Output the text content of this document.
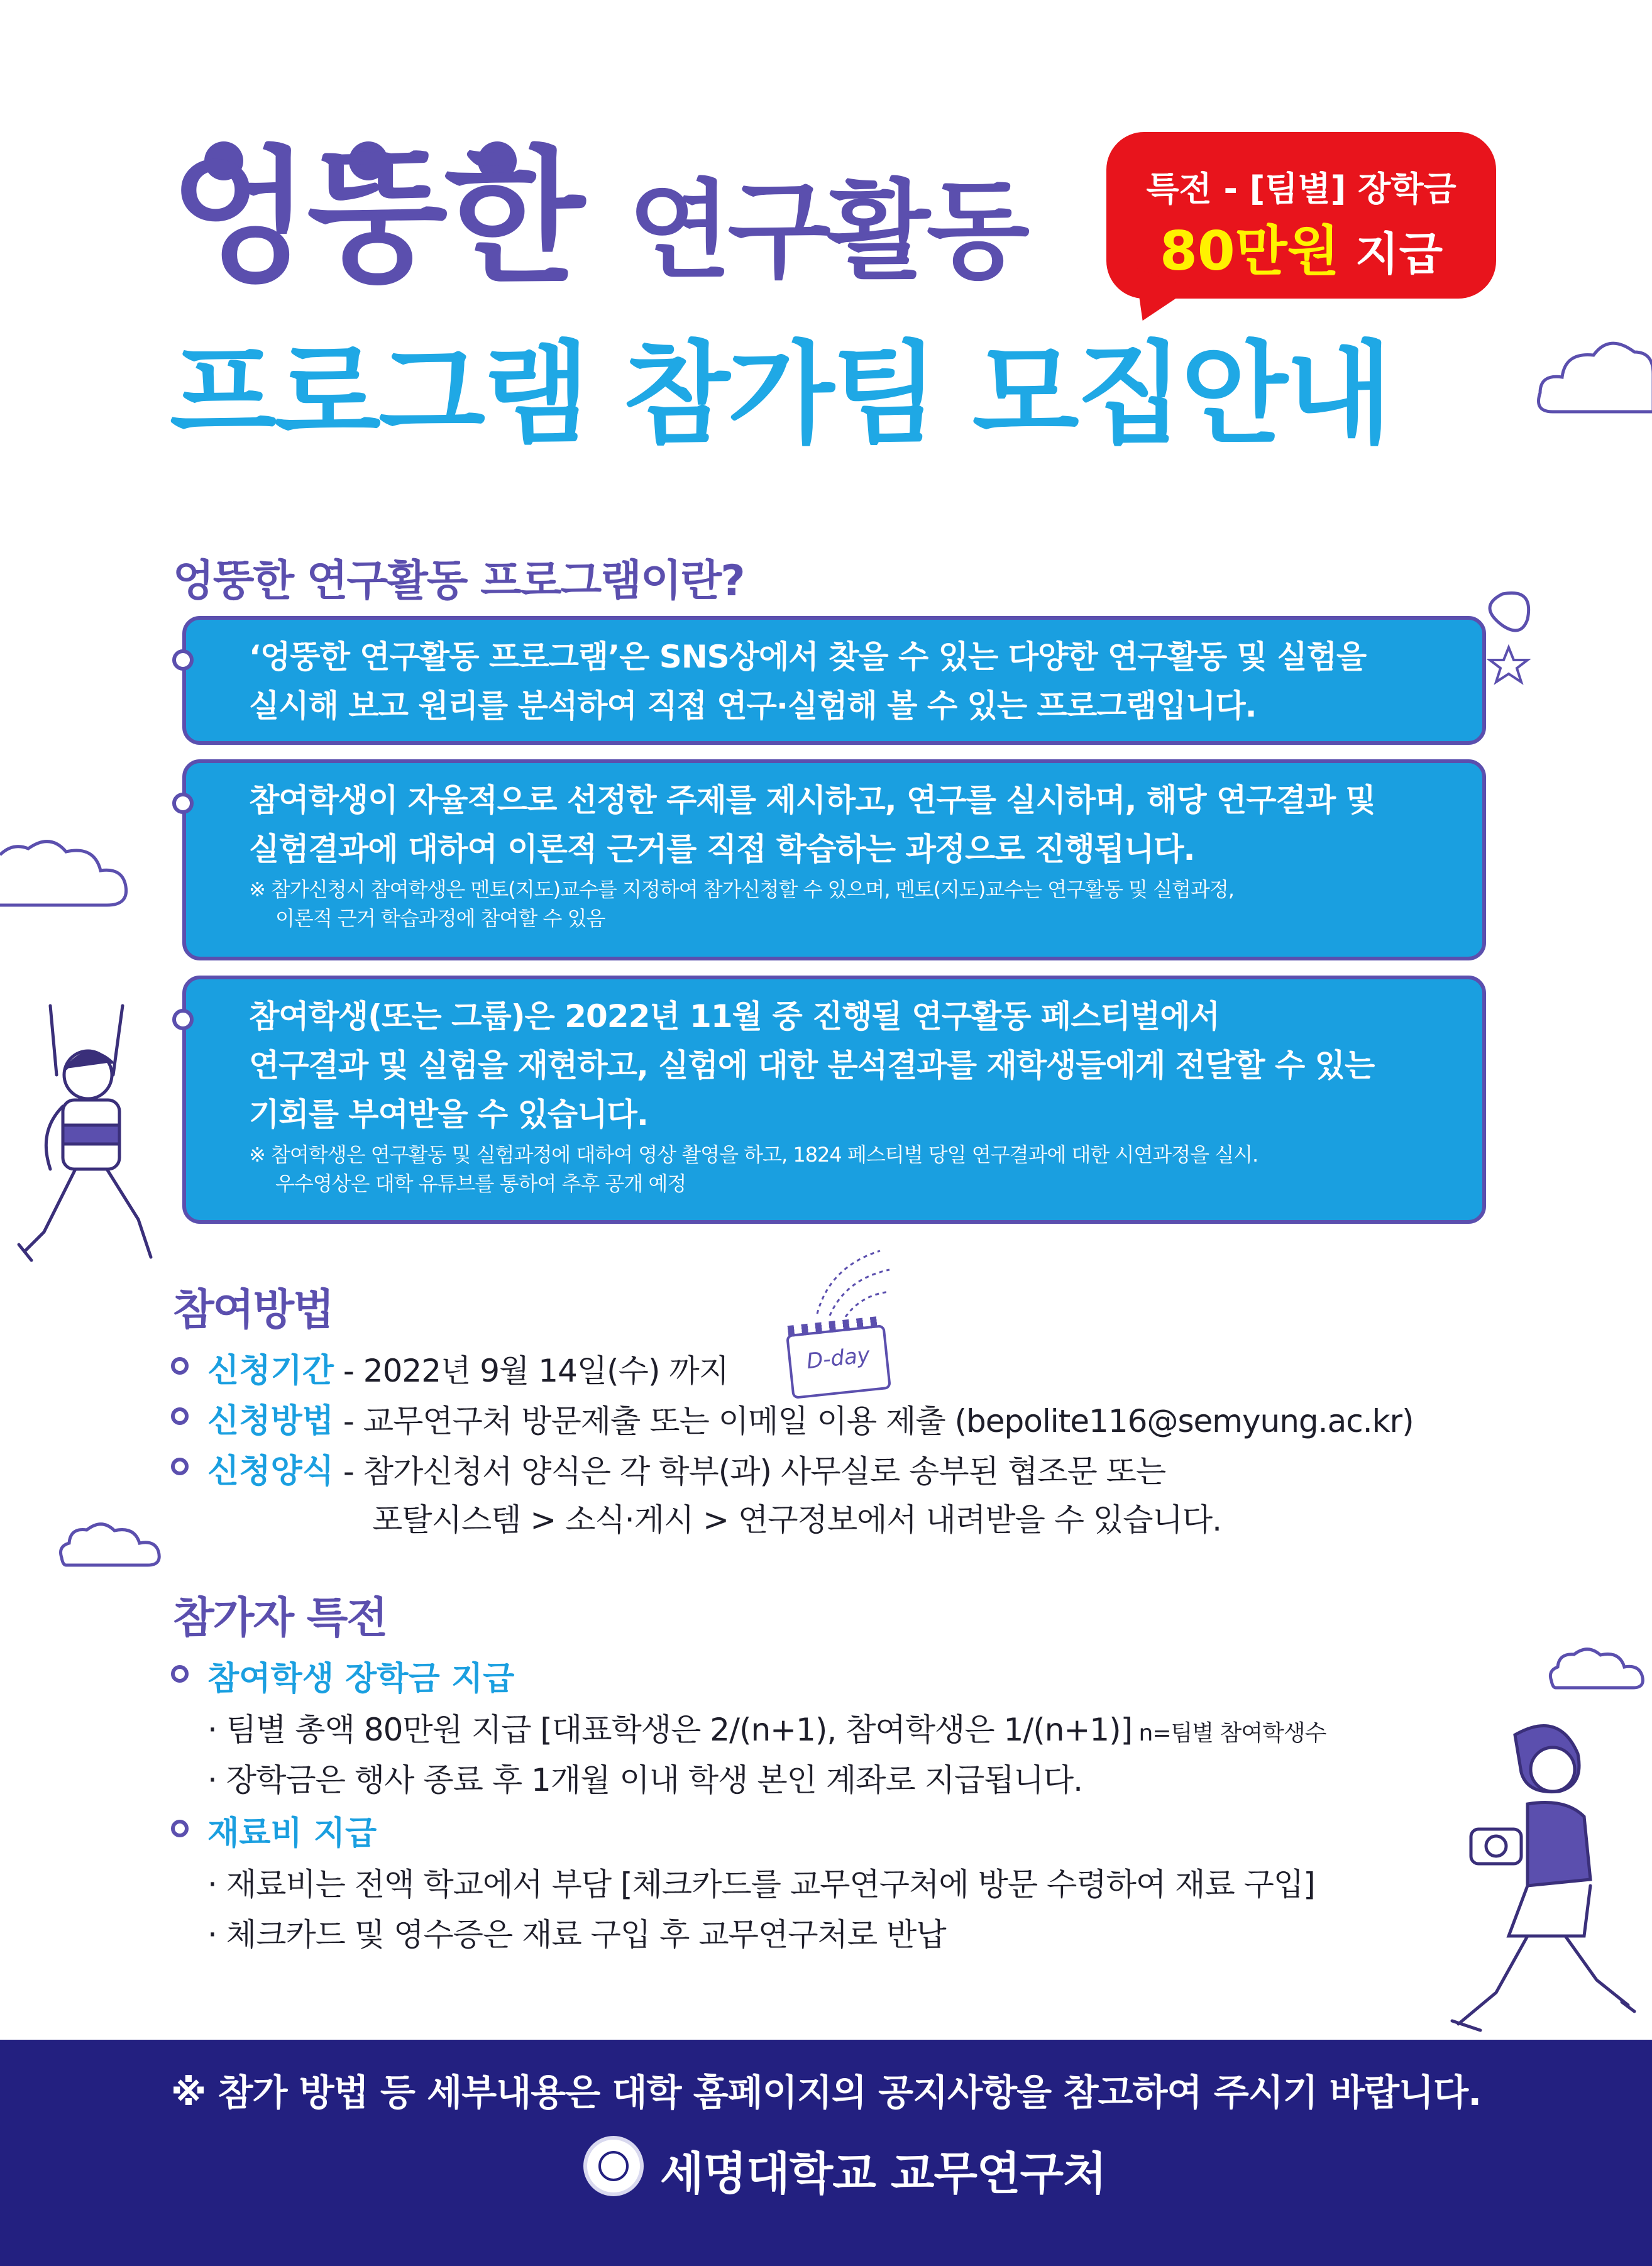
엉뚱한 연구활동
프로그램 참가팀 모집안내
특전 - [팀별] 장학금
80만원 지급
엉뚱한 연구활동 프로그램이란?
‘엉뚱한 연구활동 프로그램’은 SNS상에서 찾을 수 있는 다양한 연구활동 및 실험을
실시해 보고 원리를 분석하여 직접 연구·실험해 볼 수 있는 프로그램입니다.
참여학생이 자율적으로 선정한 주제를 제시하고, 연구를 실시하며, 해당 연구결과 및
실험결과에 대하여 이론적 근거를 직접 학습하는 과정으로 진행됩니다.
※ 참가신청시 참여학생은 멘토(지도)교수를 지정하여 참가신청할 수 있으며, 멘토(지도)교수는 연구활동 및 실험과정,
이론적 근거 학습과정에 참여할 수 있음
참여학생(또는 그룹)은 2022년 11월 중 진행될 연구활동 페스티벌에서
연구결과 및 실험을 재현하고, 실험에 대한 분석결과를 재학생들에게 전달할 수 있는
기회를 부여받을 수 있습니다.
※ 참여학생은 연구활동 및 실험과정에 대하여 영상 촬영을 하고, 1824 페스티벌 당일 연구결과에 대한 시연과정을 실시.
우수영상은 대학 유튜브를 통하여 추후 공개 예정
참여방법
신청기간 - 2022년 9월 14일(수) 까지	D-day
신청방법 - 교무연구처 방문제출 또는 이메일 이용 제출 (bepolite116@semyung.ac.kr)
신청양식 - 참가신청서 양식은 각 학부(과) 사무실로 송부된 협조문 또는
포탈시스템 > 소식·게시 > 연구정보에서 내려받을 수 있습니다.
참가자 특전
참여학생 장학금 지급
· 팀별 총액 80만원 지급 [대표학생은 2/(n+1), 참여학생은 1/(n+1)] n=팀별 참여학생수
· 장학금은 행사 종료 후 1개월 이내 학생 본인 계좌로 지급됩니다.
재료비 지급
· 재료비는 전액 학교에서 부담 [체크카드를 교무연구처에 방문 수령하여 재료 구입]
· 체크카드 및 영수증은 재료 구입 후 교무연구처로 반납
※ 참가 방법 등 세부내용은 대학 홈페이지의 공지사항을 참고하여 주시기 바랍니다.
세명대학교 교무연구처
